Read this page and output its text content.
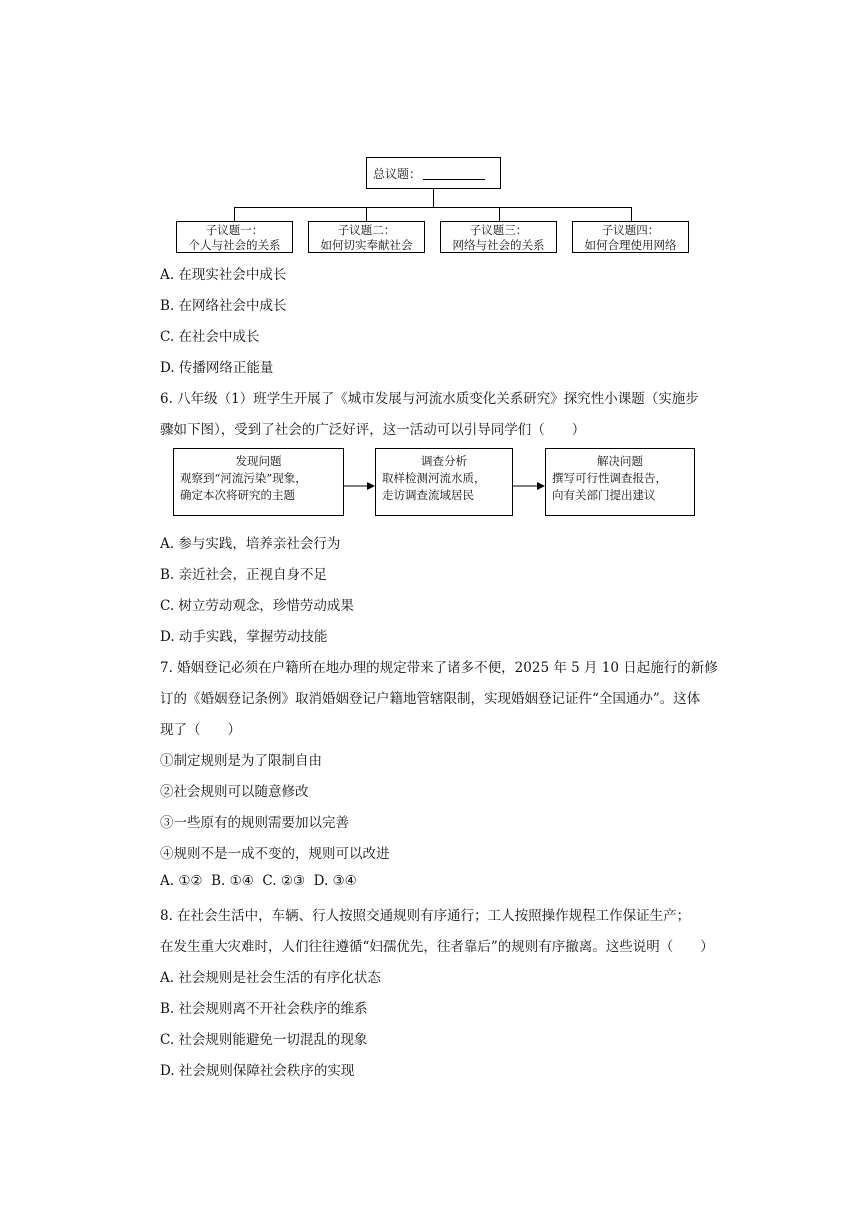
总议题：
子议题一：
个人与社会的关系
子议题二：
如何切实奉献社会
子议题三：
网络与社会的关系
子议题四：
如何合理使用网络
A. 在现实社会中成长
B. 在网络社会中成长
C. 在社会中成长
D. 传播网络正能量
6. 八年级（1）班学生开展了《城市发展与河流水质变化关系研究》探究性小课题（实施步
骤如下图），受到了社会的广泛好评，这一活动可以引导同学们（　　）
发现问题
观察到“河流污染”现象，
确定本次将研究的主题
调查分析
取样检测河流水质，
走访调查流域居民
解决问题
撰写可行性调查报告，
向有关部门提出建议
A. 参与实践，培养亲社会行为
B. 亲近社会，正视自身不足
C. 树立劳动观念，珍惜劳动成果
D. 动手实践，掌握劳动技能
7. 婚姻登记必须在户籍所在地办理的规定带来了诸多不便，2025 年 5 月 10 日起施行的新修
订的《婚姻登记条例》取消婚姻登记户籍地管辖限制，实现婚姻登记证件“全国通办”。这体
现了（　　）
①制定规则是为了限制自由
②社会规则可以随意修改
③一些原有的规则需要加以完善
④规则不是一成不变的，规则可以改进
A. ①②  B. ①④  C. ②③  D. ③④
8. 在社会生活中，车辆、行人按照交通规则有序通行；工人按照操作规程工作保证生产；
在发生重大灾难时，人们往往遵循“妇孺优先，往者靠后”的规则有序撤离。这些说明（　　）
A. 社会规则是社会生活的有序化状态
B. 社会规则离不开社会秩序的维系
C. 社会规则能避免一切混乱的现象
D. 社会规则保障社会秩序的实现
